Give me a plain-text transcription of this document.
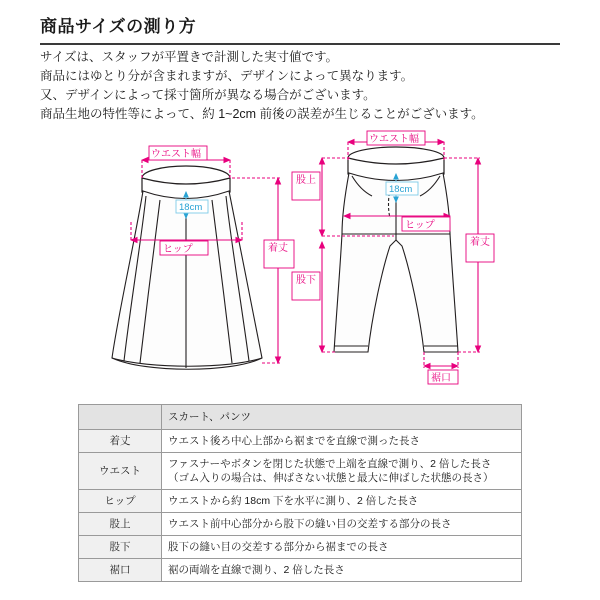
商品サイズの測り方
サイズは、スタッフが平置きで計測した実寸値です。
商品にはゆとり分が含まれますが、デザインによって異なります。
又、デザインによって採寸箇所が異なる場合がございます。
商品生地の特性等によって、約 1~2cm 前後の誤差が生じることがございます。
ウエスト幅
18cm
ヒップ	着丈
ウエスト幅
18cm
ヒップ
股上
股下
着丈
裾口
	スカート、パンツ
着丈	ウエスト後ろ中心上部から裾までを直線で測った長さ
ウエスト	ファスナーやボタンを閉じた状態で上端を直線で測り、2 倍した長さ
（ゴム入りの場合は、伸ばさない状態と最大に伸ばした状態の長さ）

ヒップ	ウエストから約 18cm 下を水平に測り、2 倍した長さ
股上	ウエスト前中心部分から股下の縫い目の交差する部分の長さ
股下	股下の縫い目の交差する部分から裾までの長さ
裾口	裾の両端を直線で測り、2 倍した長さ
